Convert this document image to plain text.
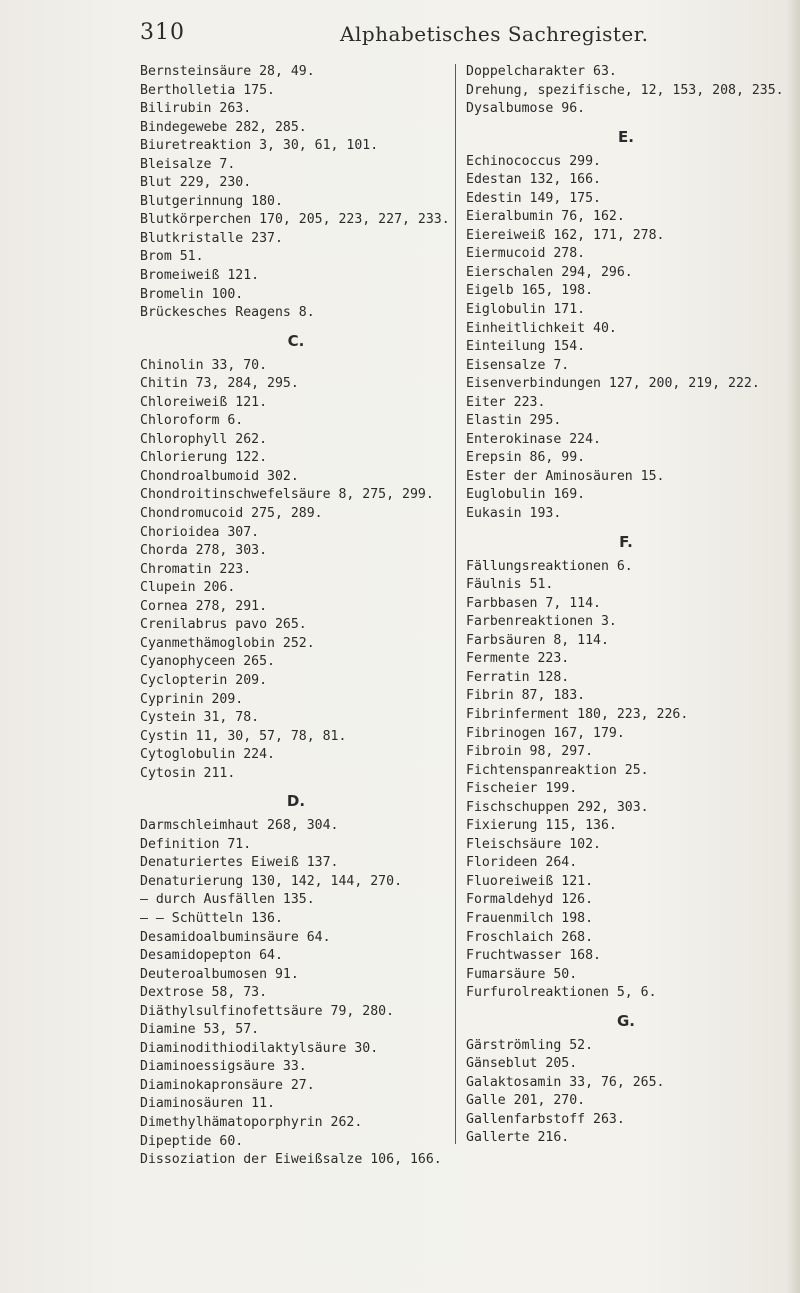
310	Alphabetisches Sachregister.
Bernsteinsäure 28, 49.
Bertholletia 175.
Bilirubin 263.
Bindegewebe 282, 285.
Biuretreaktion 3, 30, 61, 101.
Bleisalze 7.
Blut 229, 230.
Blutgerinnung 180.
Blutkörperchen 170, 205, 223, 227, 233.
Blutkristalle 237.
Brom 51.
Bromeiweiß 121.
Bromelin 100.
Brückesches Reagens 8.
C.
Chinolin 33, 70.
Chitin 73, 284, 295.
Chloreiweiß 121.
Chloroform 6.
Chlorophyll 262.
Chlorierung 122.
Chondroalbumoid 302.
Chondroitinschwefelsäure 8, 275, 299.
Chondromucoid 275, 289.
Chorioidea 307.
Chorda 278, 303.
Chromatin 223.
Clupein 206.
Cornea 278, 291.
Crenilabrus pavo 265.
Cyanmethämoglobin 252.
Cyanophyceen 265.
Cyclopterin 209.
Cyprinin 209.
Cystein 31, 78.
Cystin 11, 30, 57, 78, 81.
Cytoglobulin 224.
Cytosin 211.
D.
Darmschleimhaut 268, 304.
Definition 71.
Denaturiertes Eiweiß 137.
Denaturierung 130, 142, 144, 270.
— durch Ausfällen 135.
— — Schütteln 136.
Desamidoalbuminsäure 64.
Desamidopepton 64.
Deuteroalbumosen 91.
Dextrose 58, 73.
Diäthylsulfinofettsäure 79, 280.
Diamine 53, 57.
Diaminodithiodilaktylsäure 30.
Diaminoessigsäure 33.
Diaminokapronsäure 27.
Diaminosäuren 11.
Dimethylhämatoporphyrin 262.
Dipeptide 60.
Dissoziation der Eiweißsalze 106, 166.
Doppelcharakter 63.
Drehung, spezifische, 12, 153, 208, 235.
Dysalbumose 96.
E.
Echinococcus 299.
Edestan 132, 166.
Edestin 149, 175.
Eieralbumin 76, 162.
Eiereiweiß 162, 171, 278.
Eiermucoid 278.
Eierschalen 294, 296.
Eigelb 165, 198.
Eiglobulin 171.
Einheitlichkeit 40.
Einteilung 154.
Eisensalze 7.
Eisenverbindungen 127, 200, 219, 222.
Eiter 223.
Elastin 295.
Enterokinase 224.
Erepsin 86, 99.
Ester der Aminosäuren 15.
Euglobulin 169.
Eukasin 193.
F.
Fällungsreaktionen 6.
Fäulnis 51.
Farbbasen 7, 114.
Farbenreaktionen 3.
Farbsäuren 8, 114.
Fermente 223.
Ferratin 128.
Fibrin 87, 183.
Fibrinferment 180, 223, 226.
Fibrinogen 167, 179.
Fibroin 98, 297.
Fichtenspanreaktion 25.
Fischeier 199.
Fischschuppen 292, 303.
Fixierung 115, 136.
Fleischsäure 102.
Florideen 264.
Fluoreiweiß 121.
Formaldehyd 126.
Frauenmilch 198.
Froschlaich 268.
Fruchtwasser 168.
Fumarsäure 50.
Furfurolreaktionen 5, 6.
G.
Gärströmling 52.
Gänseblut 205.
Galaktosamin 33, 76, 265.
Galle 201, 270.
Gallenfarbstoff 263.
Gallerte 216.
